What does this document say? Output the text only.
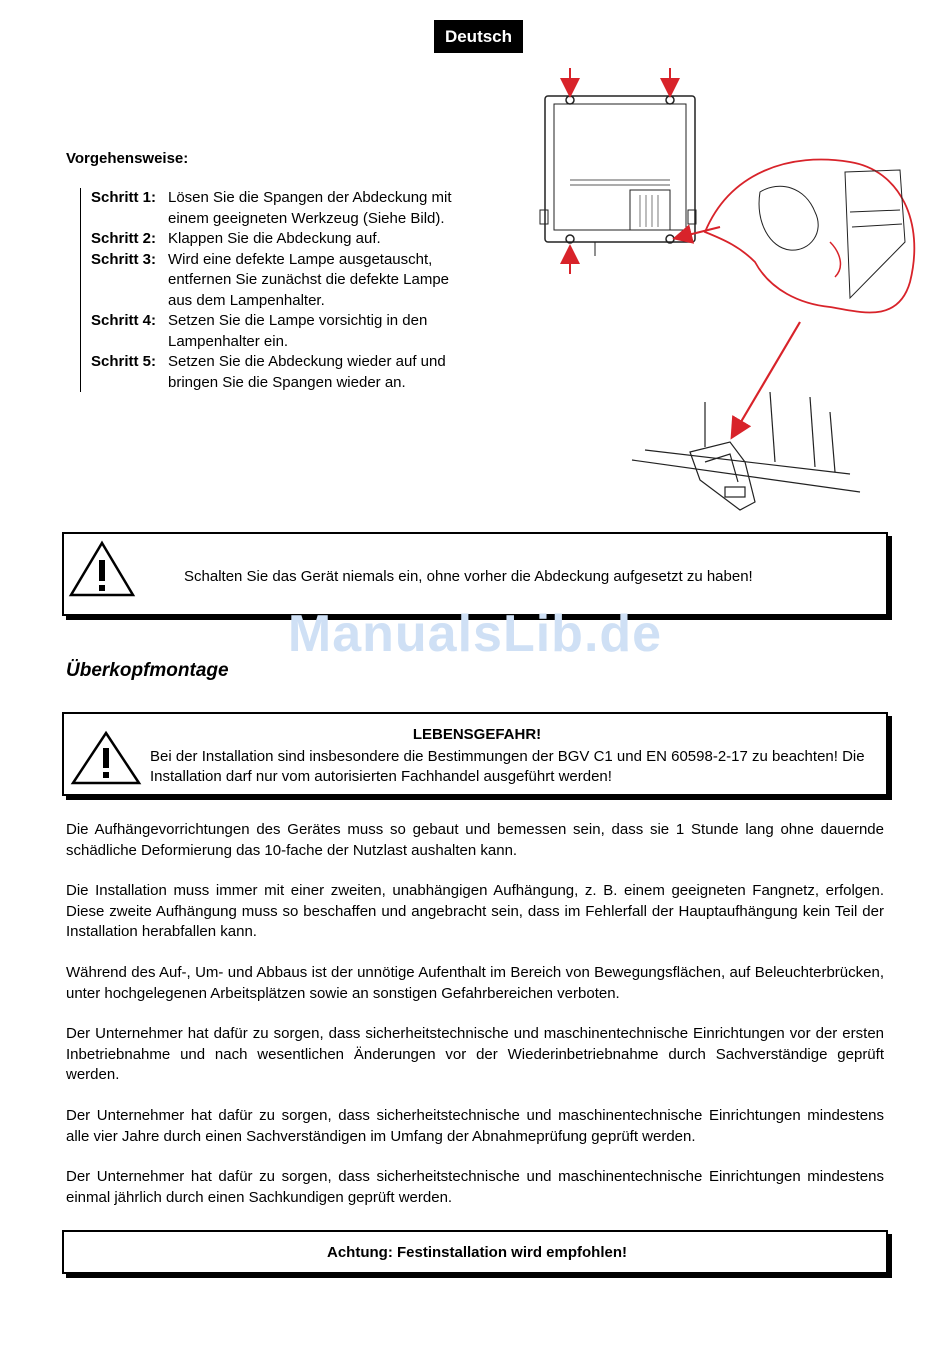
Deutsch
Vorgehensweise:
Schritt 1: Lösen Sie die Spangen der Abdeckung mit
einem geeigneten Werkzeug (Siehe Bild).
Schritt 2: Klappen Sie die Abdeckung auf.
Schritt 3: Wird eine defekte Lampe ausgetauscht,
entfernen Sie zunächst die defekte Lampe
aus dem Lampenhalter.
Schritt 4: Setzen Sie die Lampe vorsichtig in den
Lampenhalter ein.
Schritt 5: Setzen Sie die Abdeckung wieder auf und
bringen Sie die Spangen wieder an.
Schalten Sie das Gerät niemals ein, ohne vorher die Abdeckung aufgesetzt zu haben!
ManualsLib.de
Überkopfmontage
LEBENSGEFAHR!
Bei der Installation sind insbesondere die Bestimmungen der BGV C1 und EN 60598-2-17 zu beachten! Die Installation darf nur vom autorisierten Fachhandel ausgeführt werden!
Die Aufhängevorrichtungen des Gerätes muss so gebaut und bemessen sein, dass sie 1 Stunde lang ohne dauernde schädliche Deformierung das 10-fache der Nutzlast aushalten kann.
Die Installation muss immer mit einer zweiten, unabhängigen Aufhängung, z. B. einem geeigneten Fangnetz, erfolgen. Diese zweite Aufhängung muss so beschaffen und angebracht sein, dass im Fehlerfall der Hauptaufhängung kein Teil der Installation herabfallen kann.
Während des Auf-, Um- und Abbaus ist der unnötige Aufenthalt im Bereich von Bewegungsflächen, auf Beleuchterbrücken, unter hochgelegenen Arbeitsplätzen sowie an sonstigen Gefahrbereichen verboten.
Der Unternehmer hat dafür zu sorgen, dass sicherheitstechnische und maschinentechnische Einrichtungen vor der ersten Inbetriebnahme und nach wesentlichen Änderungen vor der Wiederinbetriebnahme durch Sachverständige geprüft werden.
Der Unternehmer hat dafür zu sorgen, dass sicherheitstechnische und maschinentechnische Einrichtungen mindestens alle vier Jahre durch einen Sachverständigen im Umfang der Abnahmeprüfung geprüft werden.
Der Unternehmer hat dafür zu sorgen, dass sicherheitstechnische und maschinentechnische Einrichtungen mindestens einmal jährlich durch einen Sachkundigen geprüft werden.
Achtung: Festinstallation wird empfohlen!
